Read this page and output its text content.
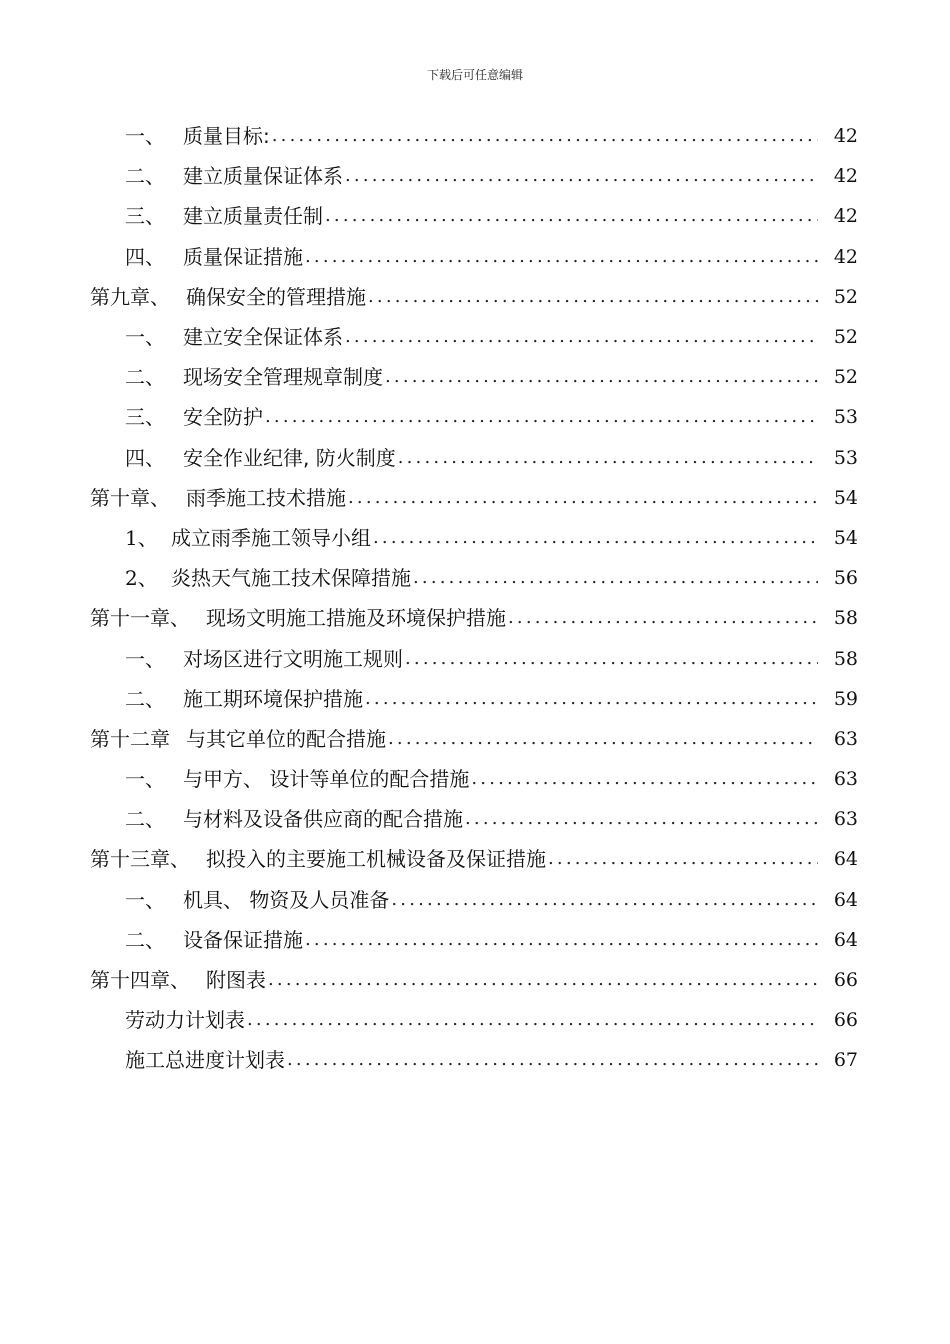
下载后可任意编辑
一、 质量目标: .....	42
二、 建立质量保证体系 .....	42
三、 建立质量责任制 .....	42
四、 质量保证措施 .....	42
第九章、 确保安全的管理措施 .....	52
一、 建立安全保证体系 .....	52
二、 现场安全管理规章制度 .....	52
三、 安全防护 .....	53
四、 安全作业纪律, 防火制度 .....	53
第十章、 雨季施工技术措施 .....	54
1、 成立雨季施工领导小组 .....	54
2、 炎热天气施工技术保障措施 .....	56
第十一章、 现场文明施工措施及环境保护措施 .....	58
一、 对场区进行文明施工规则 .....	58
二、 施工期环境保护措施 .....	59
第十二章 与其它单位的配合措施 .....	63
一、 与甲方、 设计等单位的配合措施 .....	63
二、 与材料及设备供应商的配合措施 .....	63
第十三章、 拟投入的主要施工机械设备及保证措施 .....	64
一、 机具、 物资及人员准备 .....	64
二、 设备保证措施 .....	64
第十四章、 附图表 .....	66
劳动力计划表 .....	66
施工总进度计划表 .....	67
